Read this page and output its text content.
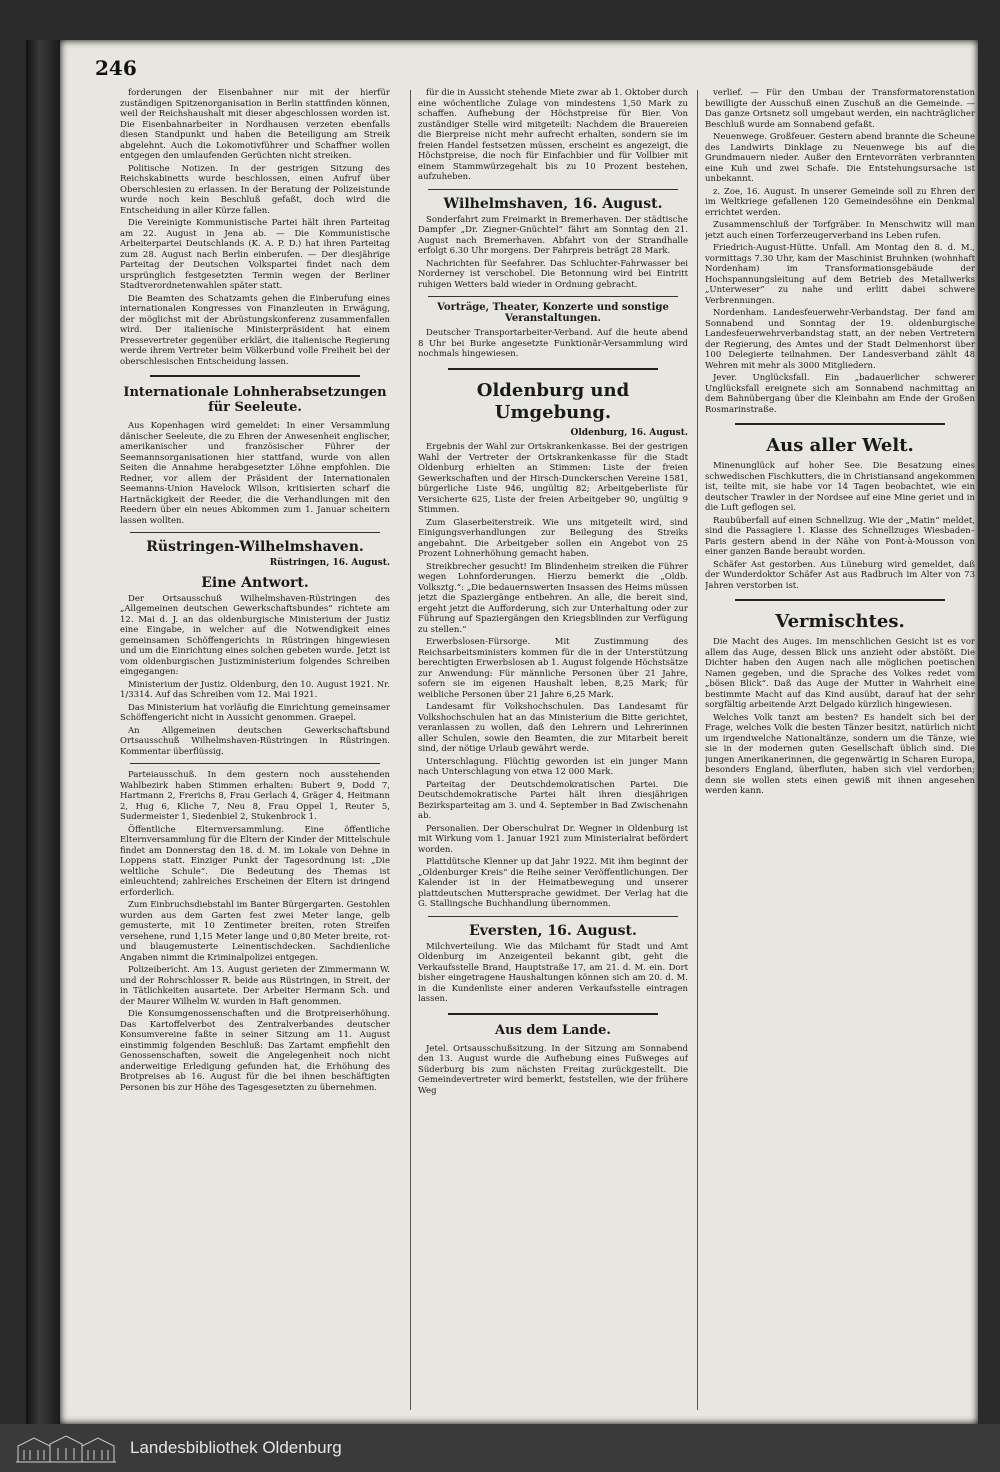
246

forderungen der Eisenbahner nur mit der hierfür zuständigen Spitzenorganisation in Berlin stattfinden können, weil der Reichshaushalt mit dieser abgeschlossen worden ist. Die Eisenbahnarbeiter in Nordhausen verzeten ebenfalls diesen Standpunkt und haben die Beteiligung am Streik abgelehnt. Auch die Lokomotivführer und Schaffner wollen entgegen den umlaufenden Gerüchten nicht streiken.

Politische Notizen. In der gestrigen Sitzung des Reichskabinetts wurde beschlossen, einen Aufruf über Oberschlesien zu erlassen. In der Beratung der Polizeistunde wurde noch kein Beschluß gefaßt, doch wird die Entscheidung in aller Kürze fallen.

Die Vereinigte Kommunistische Partei hält ihren Parteitag am 22. August in Jena ab. — Die Kommunistische Arbeiterpartei Deutschlands (K. A. P. D.) hat ihren Parteitag zum 28. August nach Berlin einberufen. — Der diesjährige Parteitag der Deutschen Volkspartei findet nach dem ursprünglich festgesetzten Termin wegen der Berliner Stadtverordnetenwahlen später statt.

Die Beamten des Schatzamts gehen die Einberufung eines internationalen Kongresses von Finanzleuten in Erwägung, der möglichst mit der Abrüstungskonferenz zusammenfallen wird. Der italienische Ministerpräsident hat einem Pressevertreter gegenüber erklärt, die italienische Regierung werde ihrem Vertreter beim Völkerbund volle Freiheit bei der oberschlesischen Entscheidung lassen.

Internationale Lohnherabsetzungen für Seeleute.

Aus Kopenhagen wird gemeldet: In einer Versammlung dänischer Seeleute, die zu Ehren der Anwesenheit englischer, amerikanischer und französischer Führer der Seemannsorganisationen hier stattfand, wurde von allen Seiten die Annahme herabgesetzter Löhne empfohlen. Die Redner, vor allem der Präsident der Internationalen Seemanns-Union Havelock Wilson, kritisierten scharf die Hartnäckigkeit der Reeder, die die Verhandlungen mit den Reedern über ein neues Abkommen zum 1. Januar scheitern lassen wollten.

Rüstringen-Wilhelmshaven.
Rüstringen, 16. August.
Eine Antwort.

Der Ortsausschuß Wilhelmshaven-Rüstringen des „Allgemeinen deutschen Gewerkschaftsbundes“ richtete am 12. Mai d. J. an das oldenburgische Ministerium der Justiz eine Eingabe, in welcher auf die Notwendigkeit eines gemeinsamen Schöffengerichts in Rüstringen hingewiesen und um die Einrichtung eines solchen gebeten wurde. Jetzt ist vom oldenburgischen Justizministerium folgendes Schreiben eingegangen:

Ministerium der Justiz. Oldenburg, den 10. August 1921. Nr. 1/3314. Auf das Schreiben vom 12. Mai 1921.

Das Ministerium hat vorläufig die Einrichtung gemeinsamer Schöffengericht nicht in Aussicht genommen. Graepel.

An Allgemeinen deutschen Gewerkschaftsbund Ortsausschuß Wilhelmshaven-Rüstringen in Rüstringen. Kommentar überflüssig.

Parteiausschuß. In dem gestern noch ausstehenden Wahlbezirk haben Stimmen erhalten: Bubert 9, Dodd 7, Hartmann 2, Frerichs 8, Frau Gerlach 4, Gräger 4, Heitmann 2, Hug 6, Kliche 7, Neu 8, Frau Oppel 1, Reuter 5, Sudermeister 1, Siedenbiel 2, Stukenbrock 1.

Öffentliche Elternversammlung. Eine öffentliche Elternversammlung für die Eltern der Kinder der Mittelschule findet am Donnerstag den 18. d. M. im Lokale von Dehne in Loppens statt. Einziger Punkt der Tagesordnung ist: „Die weltliche Schule“. Die Bedeutung des Themas ist einleuchtend; zahlreiches Erscheinen der Eltern ist dringend erforderlich.

Zum Einbruchsdiebstahl im Banter Bürgergarten. Gestohlen wurden aus dem Garten fest zwei Meter lange, gelb gemusterte, mit 10 Zentimeter breiten, roten Streifen versehene, rund 1,15 Meter lange und 0,80 Meter breite, rot- und blaugemusterte Leinentischdecken. Sachdienliche Angaben nimmt die Kriminalpolizei entgegen.

Polizeibericht. Am 13. August gerieten der Zimmermann W. und der Rohrschlosser R. beide aus Rüstringen, in Streit, der in Tätlichkeiten ausartete. Der Arbeiter Hermann Sch. und der Maurer Wilhelm W. wurden in Haft genommen.

Die Konsumgenossenschaften und die Brotpreiserhöhung. Das Kartoffelverbot des Zentralverbandes deutscher Konsumvereine faßte in seiner Sitzung am 11. August einstimmig folgenden Beschluß: Das Zartamt empfiehlt den Genossenschaften, soweit die Angelegenheit noch nicht anderweitige Erledigung gefunden hat, die Erhöhung des Brotpreises ab 16. August für die bei ihnen beschäftigten Personen bis zur Höhe des Tagesgesetzten zu übernehmen.

für die in Aussicht stehende Miete zwar ab 1. Oktober durch eine wöchentliche Zulage von mindestens 1,50 Mark zu schaffen. Aufhebung der Höchstpreise für Bier. Von zuständiger Stelle wird mitgeteilt: Nachdem die Brauereien die Bierpreise nicht mehr aufrecht erhalten, sondern sie im freien Handel festsetzen müssen, erscheint es angezeigt, die Höchstpreise, die noch für Einfachbier und für Vollbier mit einem Stammwürzegehalt bis zu 10 Prozent bestehen, aufzuheben.

Wilhelmshaven, 16. August.

Sonderfahrt zum Freimarkt in Bremerhaven. Der städtische Dampfer „Dr. Ziegner-Gnüchtel“ fährt am Sonntag den 21. August nach Bremerhaven. Abfahrt von der Strandhalle erfolgt 6.30 Uhr morgens. Der Fahrpreis beträgt 28 Mark.

Nachrichten für Seefahrer. Das Schluchter-Fahrwasser bei Norderney ist verschobel. Die Betonnung wird bei Eintritt ruhigen Wetters bald wieder in Ordnung gebracht.

Vorträge, Theater, Konzerte und sonstige Veranstaltungen.

Deutscher Transportarbeiter-Verband. Auf die heute abend 8 Uhr bei Burke angesetzte Funktionär-Versammlung wird nochmals hingewiesen.

Oldenburg und Umgebung.
Oldenburg, 16. August.

Ergebnis der Wahl zur Ortskrankenkasse. Bei der gestrigen Wahl der Vertreter der Ortskrankenkasse für die Stadt Oldenburg erhielten an Stimmen: Liste der freien Gewerkschaften und der Hirsch-Dunckerschen Vereine 1581, bürgerliche Liste 946, ungültig 82; Arbeitgeberliste für Versicherte 625, Liste der freien Arbeitgeber 90, ungültig 9 Stimmen.

Zum Glaserbeiterstreik. Wie uns mitgeteilt wird, sind Einigungsverhandlungen zur Beilegung des Streiks angebahnt. Die Arbeitgeber sollen ein Angebot von 25 Prozent Lohnerhöhung gemacht haben.

Streikbrecher gesucht! Im Blindenheim streiken die Führer wegen Lohnforderungen. Hierzu bemerkt die „Oldb. Volksztg.“: „Die bedauernswerten Insassen des Heims müssen jetzt die Spaziergänge entbehren. An alle, die bereit sind, ergeht jetzt die Aufforderung, sich zur Unterhaltung oder zur Führung auf Spaziergängen den Kriegsblinden zur Verfügung zu stellen.“

Erwerbslosen-Fürsorge. Mit Zustimmung des Reichsarbeitsministers kommen für die in der Unterstützung berechtigten Erwerbslosen ab 1. August folgende Höchstsätze zur Anwendung: Für männliche Personen über 21 Jahre, sofern sie im eigenen Haushalt leben, 8,25 Mark; für weibliche Personen über 21 Jahre 6,25 Mark.

Landesamt für Volkshochschulen. Das Landesamt für Volkshochschulen hat an das Ministerium die Bitte gerichtet, veranlassen zu wollen, daß den Lehrern und Lehrerinnen aller Schulen, sowie den Beamten, die zur Mitarbeit bereit sind, der nötige Urlaub gewährt werde.

Unterschlagung. Flüchtig geworden ist ein junger Mann nach Unterschlagung von etwa 12 000 Mark.

Parteitag der Deutschdemokratischen Partei. Die Deutschdemokratische Partei hält ihren diesjährigen Bezirksparteitag am 3. und 4. September in Bad Zwischenahn ab.

Personalien. Der Oberschulrat Dr. Wegner in Oldenburg ist mit Wirkung vom 1. Januar 1921 zum Ministerialrat befördert worden.

Plattdütsche Klenner up dat Jahr 1922. Mit ihm beginnt der „Oldenburger Kreis“ die Reihe seiner Veröffentlichungen. Der Kalender ist in der Heimatbewegung und unserer plattdeutschen Muttersprache gewidmet. Der Verlag hat die G. Stallingsche Buchhandlung übernommen.

Eversten, 16. August.

Milchverteilung. Wie das Milchamt für Stadt und Amt Oldenburg im Anzeigenteil bekannt gibt, geht die Verkaufsstelle Brand, Hauptstraße 17, am 21. d. M. ein. Dort bisher eingetragene Haushaltungen können sich am 20. d. M. in die Kundenliste einer anderen Verkaufsstelle eintragen lassen.

Aus dem Lande.

Jetel. Ortsausschußsitzung. In der Sitzung am Sonnabend den 13. August wurde die Aufhebung eines Fußweges auf Süderburg bis zum nächsten Freitag zurückgestellt. Die Gemeindevertreter wird bemerkt, feststellen, wie der frühere Weg

verlief. — Für den Umbau der Transformatorenstation bewilligte der Ausschuß einen Zuschuß an die Gemeinde. — Das ganze Ortsnetz soll umgebaut werden, ein nachträglicher Beschluß wurde am Sonnabend gefaßt.

Neuenwege. Großfeuer. Gestern abend brannte die Scheune des Landwirts Dinklage zu Neuenwege bis auf die Grundmauern nieder. Außer den Erntevorräten verbrannten eine Kuh und zwei Schafe. Die Entstehungsursache ist unbekannt.

z. Zoe, 16. August. In unserer Gemeinde soll zu Ehren der im Weltkriege gefallenen 120 Gemeindesöhne ein Denkmal errichtet werden.

Zusammenschluß der Torfgräber. In Menschwitz will man jetzt auch einen Torferzeugerverband ins Leben rufen.

Friedrich-August-Hütte. Unfall. Am Montag den 8. d. M., vormittags 7.30 Uhr, kam der Maschinist Bruhnken (wohnhaft Nordenham) im Transformationsgebäude der Hochspannungsleitung auf dem Betrieb des Metallwerks „Unterweser“ zu nahe und erlitt dabei schwere Verbrennungen.

Nordenham. Landesfeuerwehr-Verbandstag. Der fand am Sonnabend und Sonntag der 19. oldenburgische Landesfeuerwehrverbandstag statt, an der neben Vertretern der Regierung, des Amtes und der Stadt Delmenhorst über 100 Delegierte teilnahmen. Der Landesverband zählt 48 Wehren mit mehr als 3000 Mitgliedern.

Jever. Unglücksfall. Ein „badauerlicher schwerer Unglücksfall ereignete sich am Sonnabend nachmittag an dem Bahnübergang über die Kleinbahn am Ende der Großen Rosmarinstraße.

Aus aller Welt.

Minenunglück auf hoher See. Die Besatzung eines schwedischen Fischkutters, die in Christiansand angekommen ist, teilte mit, sie habe vor 14 Tagen beobachtet, wie ein deutscher Trawler in der Nordsee auf eine Mine geriet und in die Luft geflogen sei.

Raubüberfall auf einen Schnellzug. Wie der „Matin“ meldet, sind die Passagiere 1. Klasse des Schnellzuges Wiesbaden–Paris gestern abend in der Nähe von Pont-à-Mousson von einer ganzen Bande beraubt worden.

Schäfer Ast gestorben. Aus Lüneburg wird gemeldet, daß der Wunderdoktor Schäfer Ast aus Radbruch im Alter von 73 Jahren verstorben ist.

Vermischtes.

Die Macht des Auges. Im menschlichen Gesicht ist es vor allem das Auge, dessen Blick uns anzieht oder abstößt. Die Dichter haben den Augen nach alle möglichen poetischen Namen gegeben, und die Sprache des Volkes redet vom „bösen Blick“. Daß das Auge der Mutter in Wahrheit eine bestimmte Macht auf das Kind ausübt, darauf hat der sehr sorgfältig arbeitende Arzt Delgado kürzlich hingewiesen.

Welches Volk tanzt am besten? Es handelt sich bei der Frage, welches Volk die besten Tänzer besitzt, natürlich nicht um irgendwelche Nationaltänze, sondern um die Tänze, wie sie in der modernen guten Gesellschaft üblich sind. Die jungen Amerikanerinnen, die gegenwärtig in Scharen Europa, besonders England, überfluten, haben sich viel verdorben; denn sie wollen stets einen gewiß mit ihnen angesehen werden kann.

Landesbibliothek Oldenburg
